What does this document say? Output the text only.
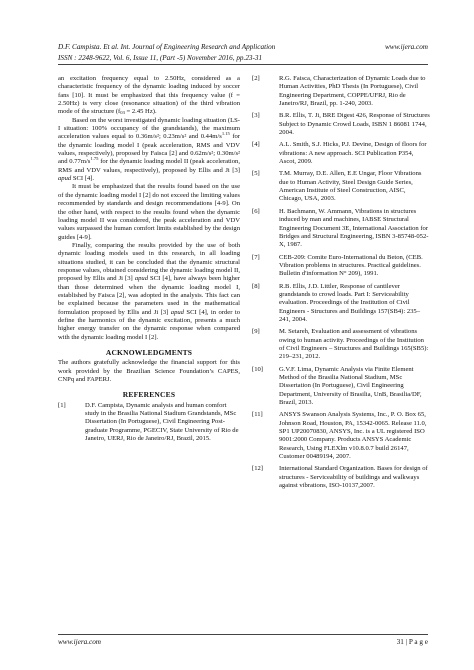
D.F. Campista. Et al. Int. Journal of Engineering Research and Application	www.ijera.com
ISSN : 2248-9622, Vol. 6, Issue 11, (Part -5) November 2016, pp.23-31

an excitation frequency equal to 2.50Hz, considered as a characteristic frequency of the dynamic loading induced by soccer fans [10]. It must be emphasized that this frequency value (f = 2.50Hz) is very close (resonance situation) of the third vibration mode of the structure ($f_{03} = 2.45$ Hz).

Based on the worst investigated dynamic loading situation (LS-I situation: 100% occupancy of the grandstands), the maximum acceleration values equal to 0.36m/s²; 0.23m/s² and $0.44m/s^{1.15}$ for the dynamic loading model I (peak acceleration, RMS and VDV values, respectively), proposed by Faisca [2] and 0.62m/s²; 0.30m/s² and $0.77m/s^{1.75}$ for the dynamic loading model II (peak acceleration, RMS and VDV values, respectively), proposed by Ellis and Ji [3] apud SCI [4].

It must be emphasized that the results found based on the use of the dynamic loading model I [2] do not exceed the limiting values recommended by standards and design recommendations [4-9]. On the other hand, with respect to the results found when the dynamic loading model II was considered, the peak acceleration and VDV values surpassed the human comfort limits established by the design guides [4-9].

Finally, comparing the results provided by the use of both dynamic loading models used in this research, in all loading situations studied, it can be concluded that the dynamic structural response values, obtained considering the dynamic loading model II, proposed by Ellis and Ji [3] apud SCI [4], have always been higher than those determined when the dynamic loading model I, established by Faisca [2], was adopted in the analysis. This fact can be explained because the parameters used in the mathematical formulation proposed by Ellis and Ji [3] apud SCI [4], in order to define the harmonics of the dynamic excitation, presents a much higher energy transfer on the dynamic response when compared with the dynamic loading model I [2].

ACKNOWLEDGMENTS

The authors gratefully acknowledge the financial support for this work provided by the Brazilian Science Foundation’s CAPES, CNPq and FAPERJ.

REFERENCES
[1]	D.F. Campista, Dynamic analysis and human comfort study in the Brasilia National Stadium Grandstands, MSc Dissertation (In Portuguese), Civil Engineering Post-graduate Programme, PGECIV, State University of Rio de Janeiro, UERJ, Rio de Janeiro/RJ, Brazil, 2015.
[2]	R.G. Faisca, Characterization of Dynamic Loads due to Human Activities, PhD Thesis (In Portuguese), Civil Engineering Department, COPPE/UFRJ, Rio de Janeiro/RJ, Brazil, pp. 1-240, 2003.
[3]	B.R. Ellis, T. Ji, BRE Digest 426, Response of Structures Subject to Dynamic Crowd Loads, ISBN 1 86081 1744, 2004.
[4]	A.L. Smith, S.J. Hicks, P.J. Devine, Design of floors for vibrations: A new approach. SCI Publication P354, Ascot, 2009.
[5]	T.M. Murray, D.E. Allen, E.E Ungar, Floor Vibrations due to Human Activity, Steel Design Guide Series, American Institute of Steel Construction, AISC, Chicago, USA, 2003.
[6]	H. Bachmann, W. Ammann, Vibrations in structures induced by man and machines, IABSE Structural Engineering Document 3E, International Association for Bridges and Structural Engineering, ISBN 3-85748-052-X, 1987.
[7]	CEB-209: Comite Euro-International du Beton, (CEB. Vibration problems in structures. Practical guidelines. Bulletin d'information N° 209), 1991.
[8]	R.B. Ellis, J.D. Littler, Response of cantilever grandstands to crowd loads. Part I: Serviceability evaluation. Proceedings of the Institution of Civil Engineers - Structures and Buildings 157(SB4): 235–241, 2004.
[9]	M. Setareh, Evaluation and assessment of vibrations owing to human activity. Proceedings of the Institution of Civil Engineers – Structures and Buildings 165(SB5): 219–231, 2012.
[10] G.V.F. Lima, Dynamic Analysis via Finite Element Method of the Brasilia National Stadium, MSc Dissertation (In Portuguese), Civil Engineering Department, University of Brasilia, UnB, Brasilia/DF, Brazil, 2013.
[11] ANSYS Swanson Analysis Systems, Inc., P. O. Box 65, Johnson Road, Houston, PA, 15342-0065. Release 11.0, SP1 UP20070830, ANSYS, Inc. is a UL registered ISO 9001:2000 Company. Products ANSYS Academic Research, Using FLEXlm v10.8.0.7 build 26147, Customer 00489194, 2007.
[12] International Standard Organization. Bases for design of structures - Serviceability of buildings and walkways against vibrations, ISO-10137,2007.
www.ijera.com	31 | P a g e
